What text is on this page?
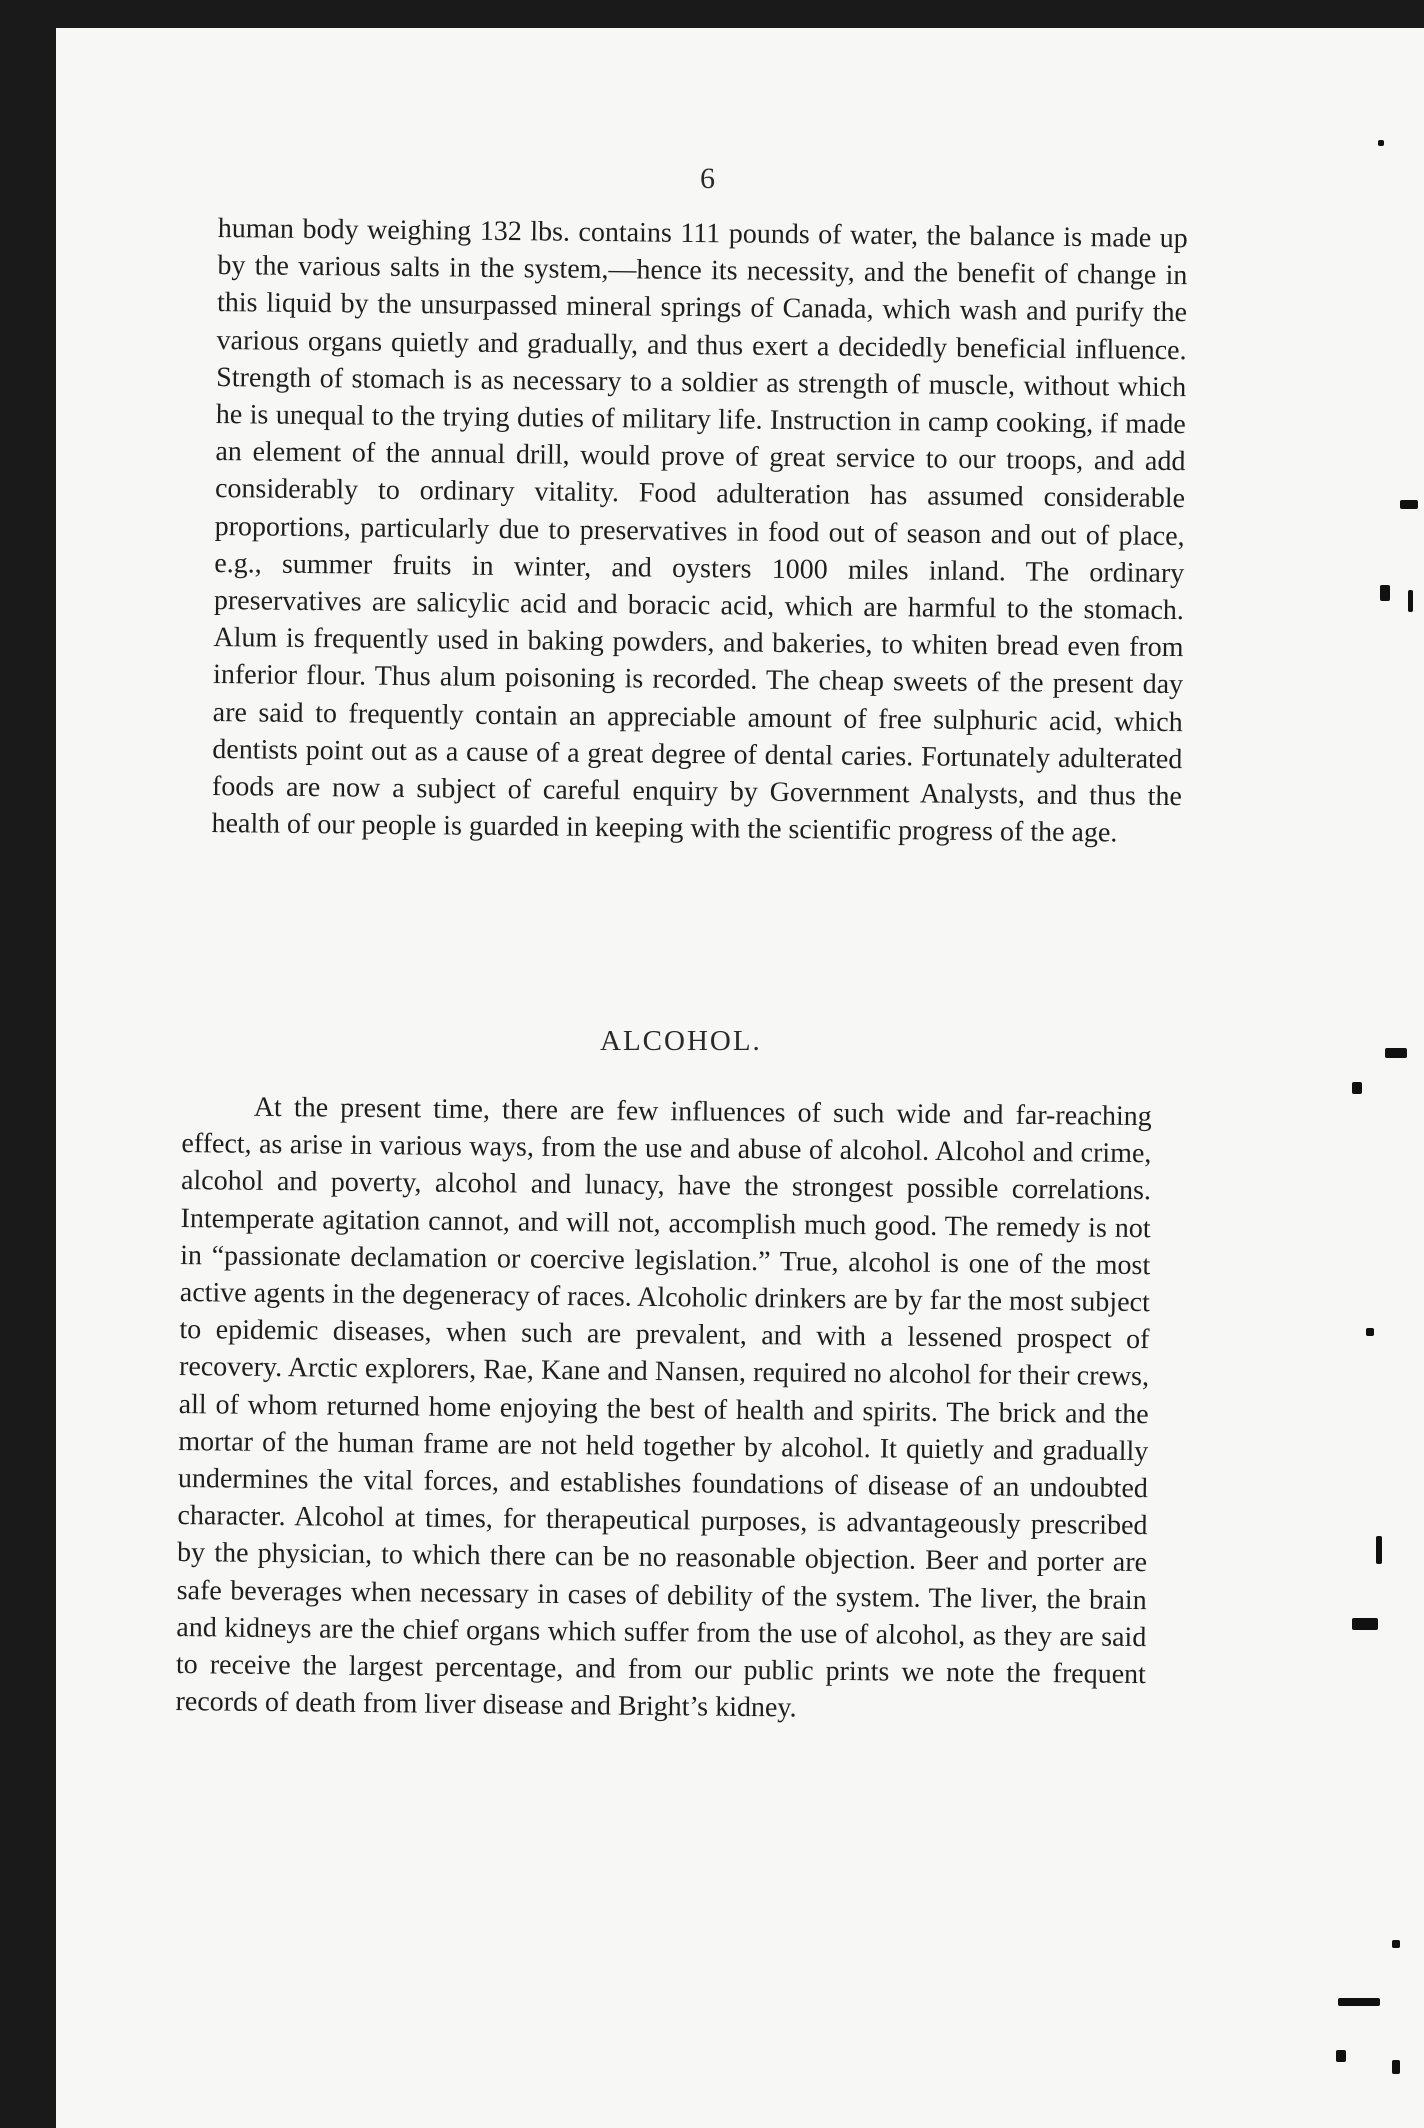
6

human body weighing 132 lbs. contains 111 pounds of water, the balance is made up by the various salts in the system,—hence its necessity, and the benefit of change in this liquid by the unsurpassed mineral springs of Canada, which wash and purify the various organs quietly and gradually, and thus exert a decidedly beneficial influence. Strength of stomach is as necessary to a soldier as strength of muscle, without which he is unequal to the trying duties of military life. Instruction in camp cooking, if made an element of the annual drill, would prove of great service to our troops, and add considerably to ordinary vitality. Food adulteration has assumed considerable proportions, particularly due to preservatives in food out of season and out of place, e.g., summer fruits in winter, and oysters 1000 miles inland. The ordinary preservatives are salicylic acid and boracic acid, which are harmful to the stomach. Alum is frequently used in baking powders, and bakeries, to whiten bread even from inferior flour. Thus alum poisoning is recorded. The cheap sweets of the present day are said to frequently contain an appreciable amount of free sulphuric acid, which dentists point out as a cause of a great degree of dental caries. Fortunately adulterated foods are now a subject of careful enquiry by Government Analysts, and thus the health of our people is guarded in keeping with the scientific progress of the age.

ALCOHOL.

At the present time, there are few influences of such wide and far-reaching effect, as arise in various ways, from the use and abuse of alcohol. Alcohol and crime, alcohol and poverty, alcohol and lunacy, have the strongest possible correlations. Intemperate agitation cannot, and will not, accomplish much good. The remedy is not in “passionate declamation or coercive legislation.” True, alcohol is one of the most active agents in the degeneracy of races. Alcoholic drinkers are by far the most subject to epidemic diseases, when such are prevalent, and with a lessened prospect of recovery. Arctic explorers, Rae, Kane and Nansen, required no alcohol for their crews, all of whom returned home enjoying the best of health and spirits. The brick and the mortar of the human frame are not held together by alcohol. It quietly and gradually undermines the vital forces, and establishes foundations of disease of an undoubted character. Alcohol at times, for therapeutical purposes, is advantageously prescribed by the physician, to which there can be no reasonable objection. Beer and porter are safe beverages when necessary in cases of debility of the system. The liver, the brain and kidneys are the chief organs which suffer from the use of alcohol, as they are said to receive the largest percentage, and from our public prints we note the frequent records of death from liver disease and Bright’s kidney.
